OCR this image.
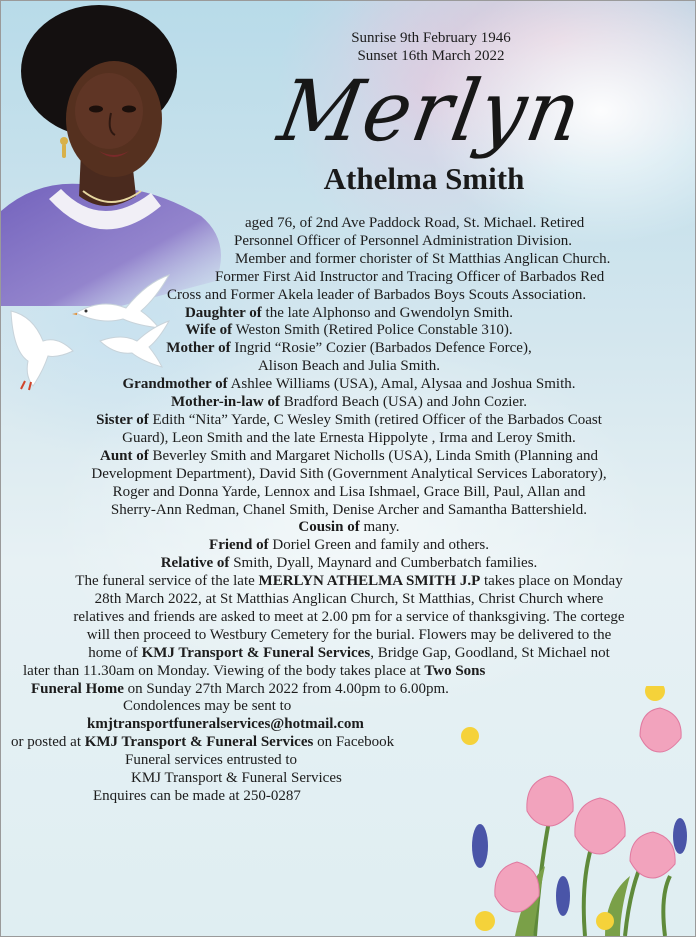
Sunrise 9th February 1946
Sunset 16th March 2022
Merlyn
Athelma Smith
aged 76, of 2nd Ave Paddock Road, St. Michael. Retired
Personnel Officer of Personnel Administration Division.
Member and former chorister of St Matthias Anglican Church.
Former First Aid Instructor and Tracing Officer of Barbados Red
Cross and Former Akela leader of Barbados Boys Scouts Association.
Daughter of the late Alphonso and Gwendolyn Smith.
Wife of Weston Smith (Retired Police Constable 310).
Mother of Ingrid “Rosie” Cozier (Barbados Defence Force),
Alison Beach and Julia Smith.
Grandmother of Ashlee Williams (USA), Amal, Alysaa and Joshua Smith.
Mother-in-law of Bradford Beach (USA) and John Cozier.
Sister of Edith “Nita” Yarde, C Wesley Smith (retired Officer of the Barbados Coast
Guard), Leon Smith and the late Ernesta Hippolyte , Irma and Leroy Smith.
Aunt of Beverley Smith and Margaret Nicholls (USA), Linda Smith (Planning and
Development Department), David Sith (Government Analytical Services Laboratory),
Roger and Donna Yarde, Lennox and Lisa Ishmael, Grace Bill, Paul, Allan and
Sherry-Ann Redman, Chanel Smith, Denise Archer and Samantha Battershield.
Cousin of many.
Friend of Doriel Green and family and others.
Relative of Smith, Dyall, Maynard and Cumberbatch families.
The funeral service of the late MERLYN ATHELMA SMITH J.P takes place on Monday
28th March 2022, at St Matthias Anglican Church, St Matthias, Christ Church where
relatives and friends are asked to meet at 2.00 pm for a service of thanksgiving. The cortege
will then proceed to Westbury Cemetery for the burial. Flowers may be delivered to the
home of KMJ Transport & Funeral Services, Bridge Gap, Goodland, St Michael not
later than 11.30am on Monday. Viewing of the body takes place at Two Sons
Funeral Home on Sunday 27th March 2022 from 4.00pm to 6.00pm.
Condolences may be sent to
kmjtransportfuneralservices@hotmail.com
or posted at KMJ Transport & Funeral Services on Facebook
Funeral services entrusted to
KMJ Transport & Funeral Services
Enquires can be made at 250-0287
